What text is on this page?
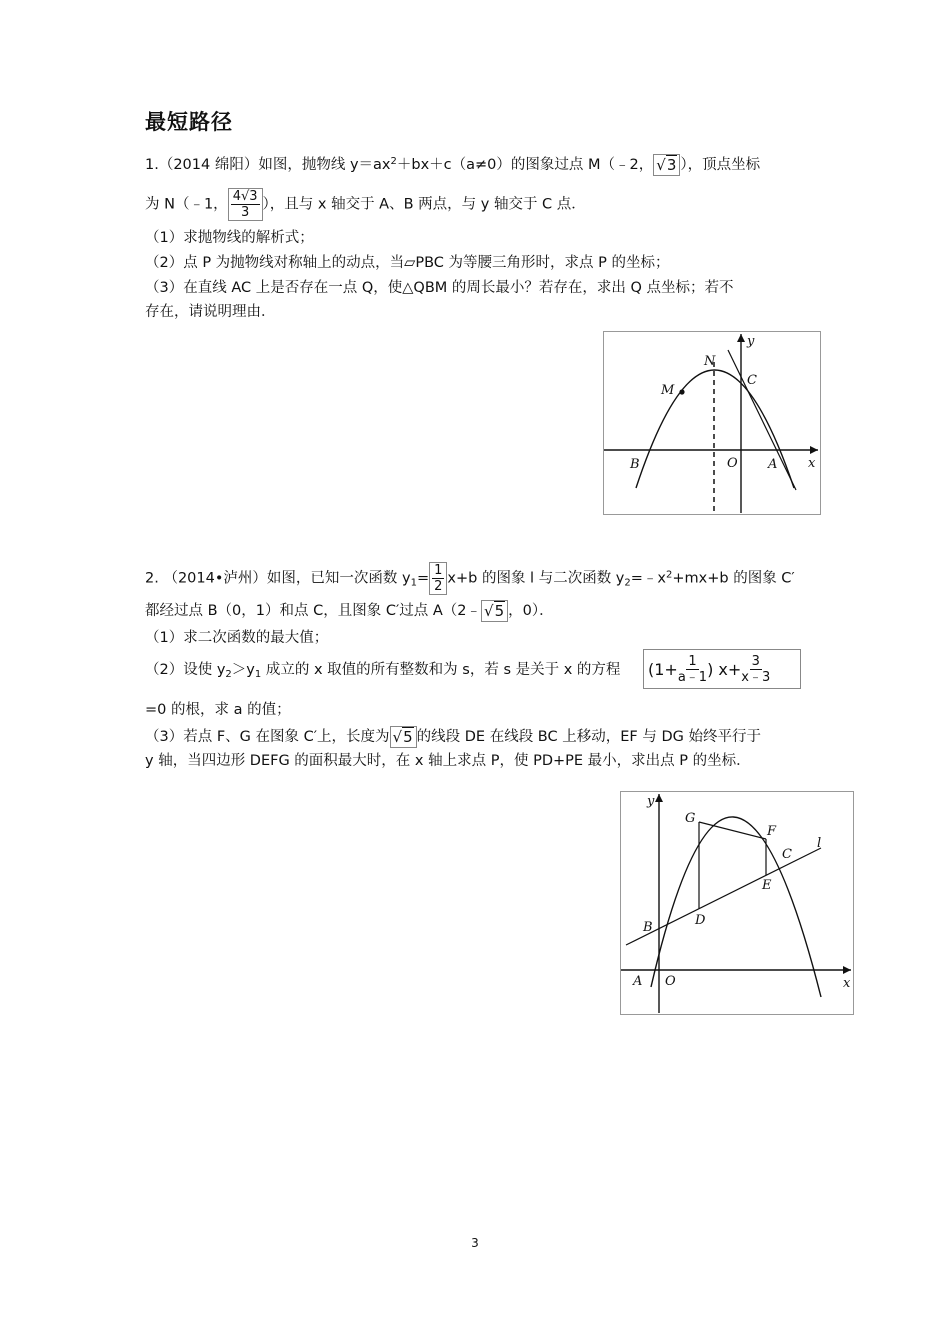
最短路径
1.（2014 绵阳）如图，抛物线 $y=ax^2+bx+c(a\ne 0)$的图象过点 M（﹣2， √3 ），顶点坐标
为 N（﹣1， $\frac{4√3}{3}$ ），且与 x 轴交于 A、B 两点，与 y 轴交于 C 点．
（1）求抛物线的解析式；
（2）点 P 为抛物线对称轴上的动点，当▱PBC 为等腰三角形时，求点 P 的坐标；
（3）在直线 AC 上是否存在一点 Q，使△QBM 的周长最小？若存在，求出 Q 点坐标；若不
存在，请说明理由．
N
M
C
B	O A x
y
2. （2014•泸州）如图，已知一次函数 $y_1= \frac{1}{2} x+b$ 的图象 l 与二次函数 $y_2=﹣x^2+mx+b$ 的图象 C′
都经过点 B（0，1）和点 C，且图象 C′过点 A（2﹣ √5 ，0）．
（1）求二次函数的最大值；
（2）设使 $y_2>y_1$ 成立的 x 取值的所有整数和为 s，若 s 是关于 x 的方程 ($1+ \frac{1}{a﹣1}$ ) $x+ \frac{3}{x﹣3}$
=0 的根，求 a 的值；
（3）若点 F、G 在图象 C′上，长度为 √5 的线段 DE 在线段 BC 上移动，EF 与 DG 始终平行于
y 轴，当四边形 DEFG 的面积最大时，在 x 轴上求点 P，使 PD+PE 最小，求出点 P 的坐标．
G
F
C
l
E
D
B
A O	x
y
3
